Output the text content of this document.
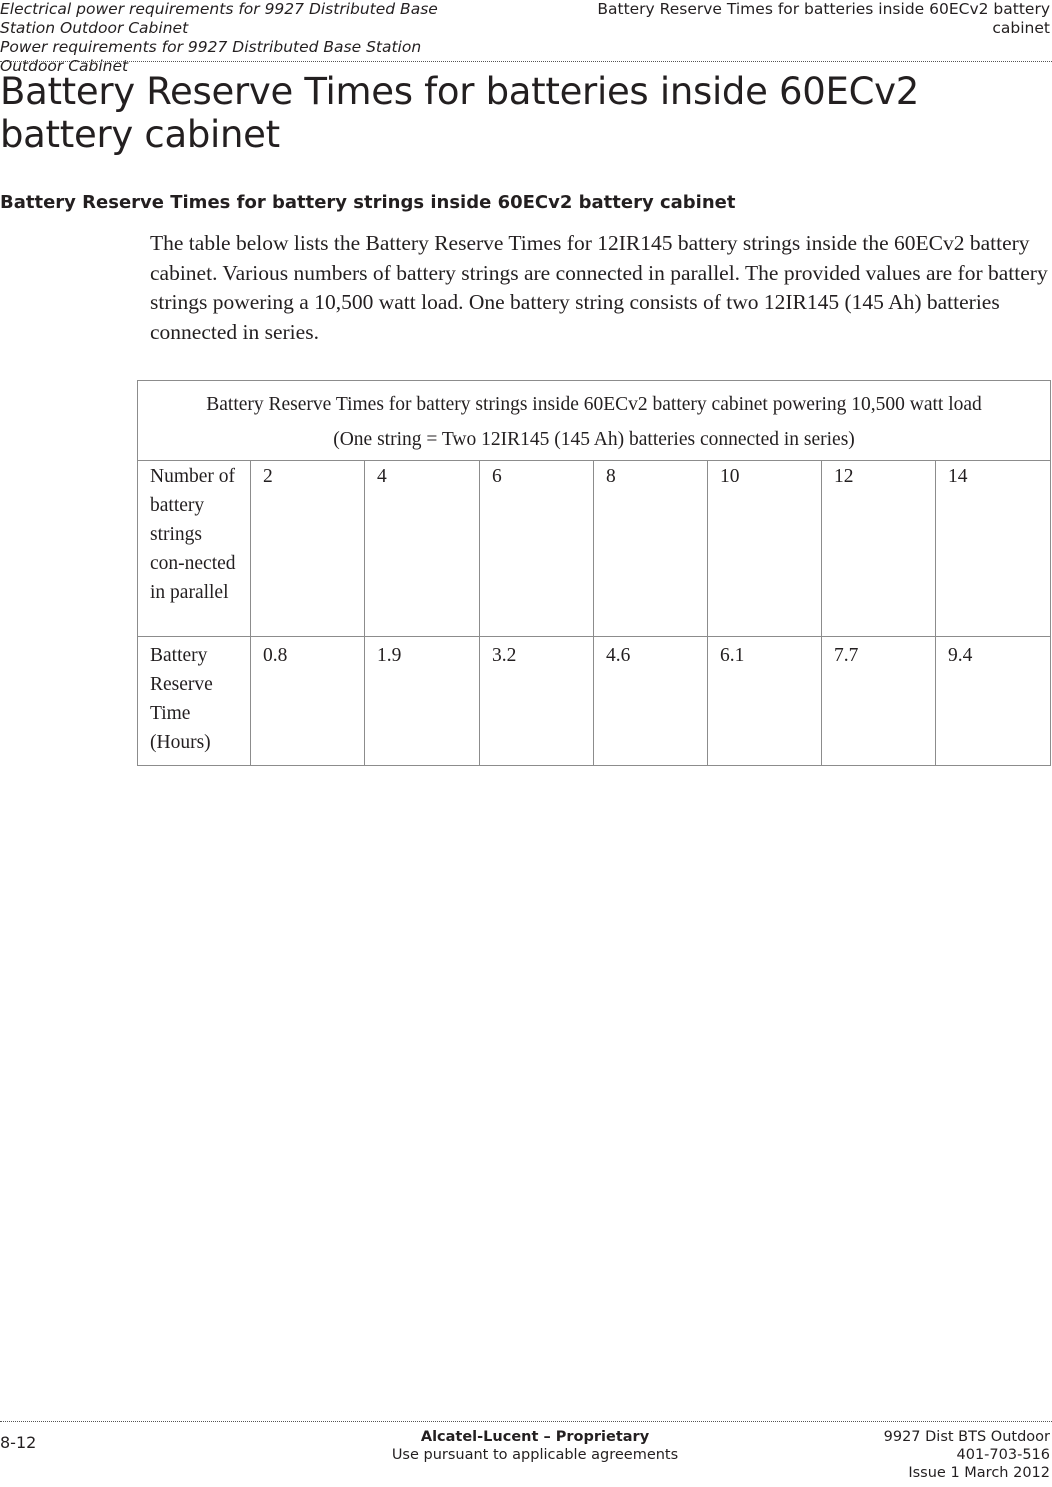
Electrical power requirements for 9927 Distributed Base
Station Outdoor Cabinet
Power requirements for 9927 Distributed Base Station
Outdoor Cabinet
Battery Reserve Times for batteries inside 60ECv2 battery
cabinet
Battery Reserve Times for batteries inside 60ECv2 battery cabinet
Battery Reserve Times for battery strings inside 60ECv2 battery cabinet

The table below lists the Battery Reserve Times for 12IR145 battery strings inside the 60ECv2 battery cabinet. Various numbers of battery strings are connected in parallel. The provided values are for battery strings powering a 10,500 watt load. One battery string consists of two 12IR145 (145 Ah) batteries connected in series.

Battery Reserve Times for battery strings inside 60ECv2 battery cabinet powering 10,500 watt load
(One string = Two 12IR145 (145 Ah) batteries connected in series)							

Number of battery strings con-nected in parallel	2	4	6	8	10	12	14
Battery Reserve Time (Hours)	0.8	1.9	3.2	4.6	6.1	7.7	9.4
8-12	Alcatel-Lucent – Proprietary
Use pursuant to applicable agreements
9927 Dist BTS Outdoor
401-703-516
Issue 1 March 2012
